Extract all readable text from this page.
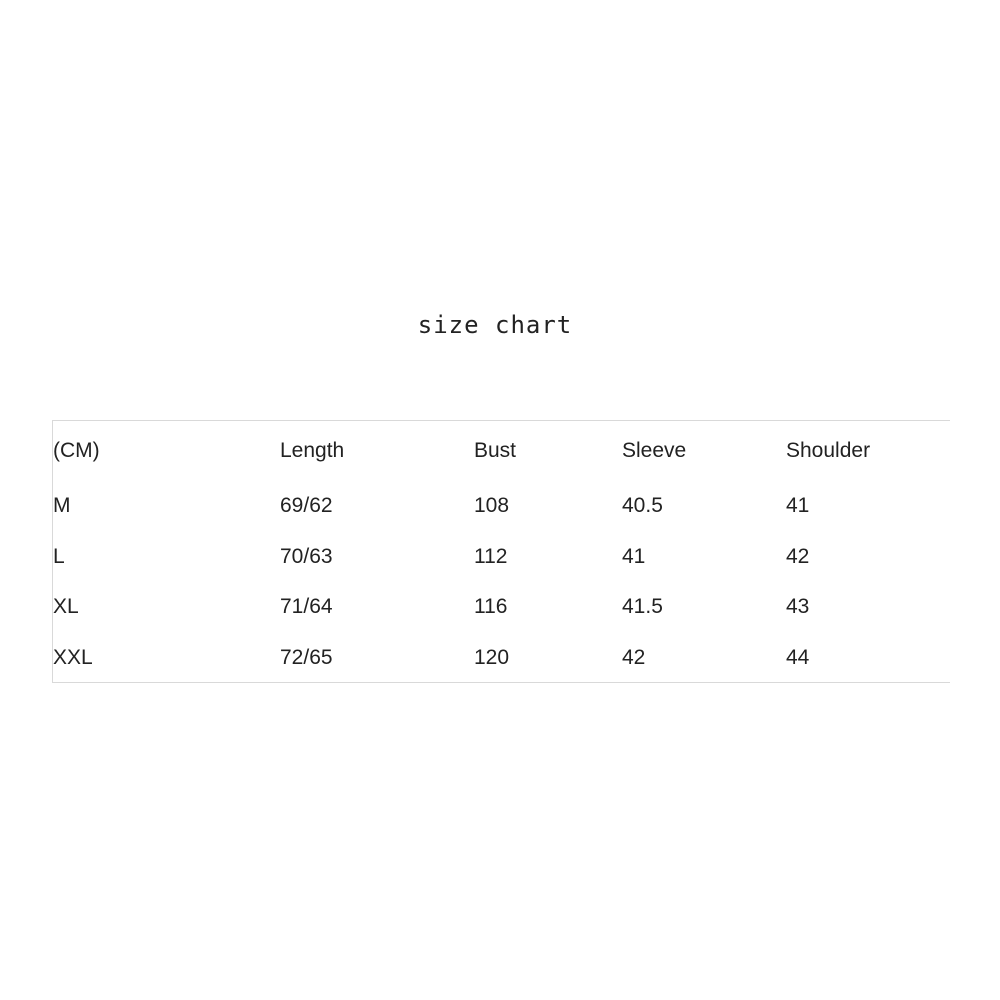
size chart
(CM)	Length	Bust	Sleeve	Shoulder
M	69/62	108	40.5	41
L	70/63	112	41	42
XL	71/64	116	41.5	43
XXL	72/65	120	42	44
